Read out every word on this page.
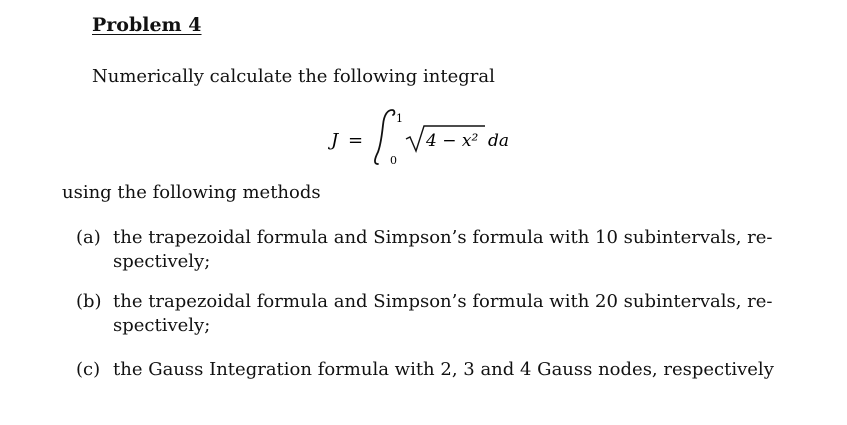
Problem 4
Numerically calculate the following integral
J =
1
0
4 − x² da
using the following methods
(a) the trapezoidal formula and Simpson’s formula with 10 subintervals, re-
spectively;
(b) the trapezoidal formula and Simpson’s formula with 20 subintervals, re-
spectively;
(c) the Gauss Integration formula with 2, 3 and 4 Gauss nodes, respectively
